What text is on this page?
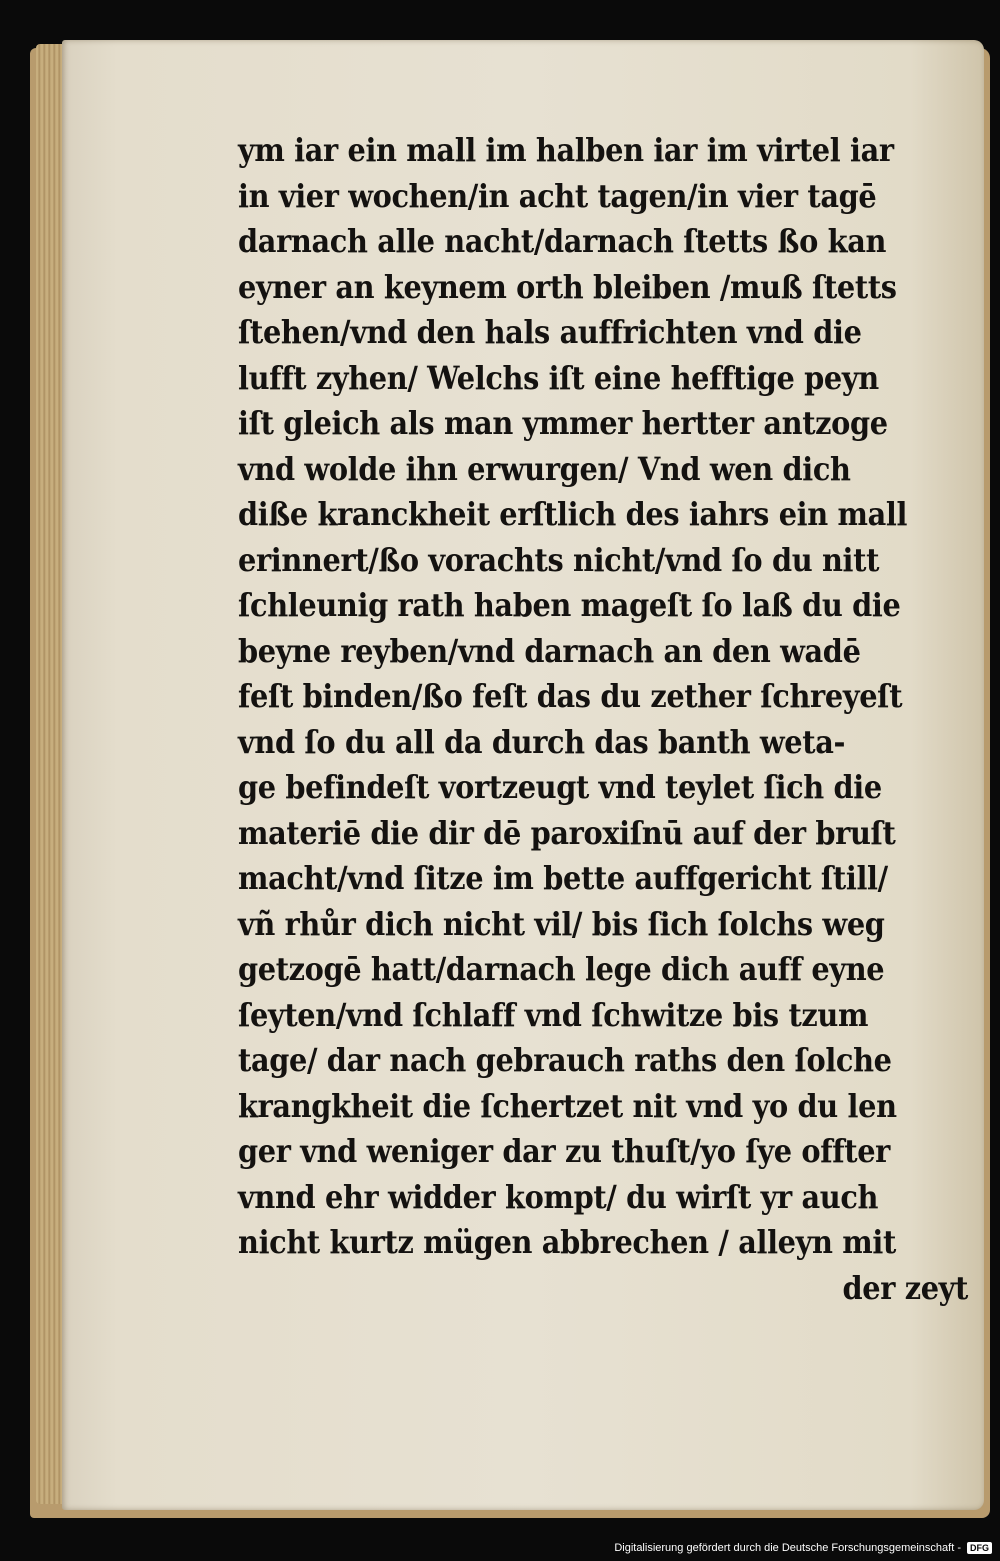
ym iar ein mall im halben iar im virtel iar
in vier wochen/in acht tagen/in vier tagē
darnach alle nacht/darnach ſtetts ßo kan
eyner an keynem orth bleiben /muß ſtetts
ſtehen/vnd den hals auffrichten vnd die
lufft zyhen/ Welchs iſt eine hefftige peyn
iſt gleich als man ymmer hertter antzoge
vnd wolde ihn erwurgen/ Vnd wen dich
diße kranckheit erſtlich des iahrs ein mall
erinnert/ßo vorachts nicht/vnd ſo du nitt
ſchleunig rath haben mageſt ſo laß du die
beyne reyben/vnd darnach an den wadē
feſt binden/ßo feſt das du zether ſchreyeſt
vnd ſo du all da durch das banth weta-
ge befindeſt vortzeugt vnd teylet ſich die
materiē die dir dē paroxiſnū auf der bruſt
macht/vnd ſitze im bette auffgericht ſtill/
vñ rhůr dich nicht vil/ bis ſich ſolchs weg
getzogē hatt/darnach lege dich auff eyne
ſeyten/vnd ſchlaff vnd ſchwitze bis tzum
tage/ dar nach gebrauch raths den ſolche
krangkheit die ſchertzet nit vnd yo du len
ger vnd weniger dar zu thuſt/yo ſye offter
vnnd ehr widder kompt/ du wirſt yr auch
nicht kurtz mügen abbrechen / alleyn mit
der zeyt
Digitalisierung gefördert durch die Deutsche Forschungsgemeinschaft -	DFG
